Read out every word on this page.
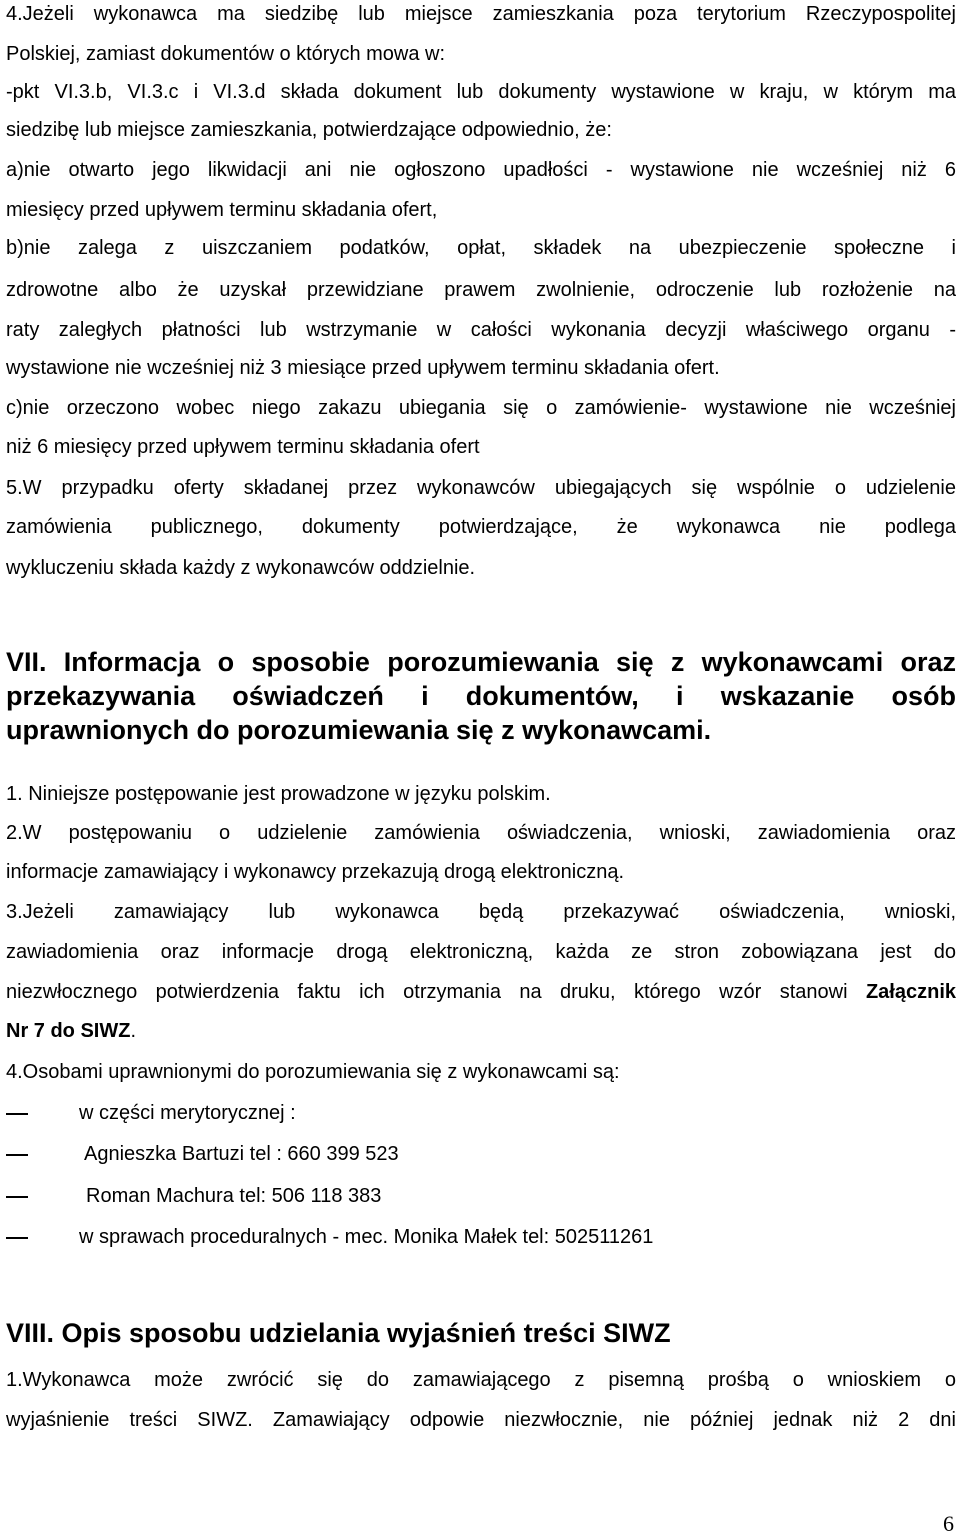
4.Jeżeli wykonawca ma siedzibę lub miejsce zamieszkania poza terytorium Rzeczypospolitej
Polskiej, zamiast dokumentów o których mowa w:
-pkt VI.3.b, VI.3.c i VI.3.d składa dokument lub dokumenty wystawione w kraju, w którym ma
siedzibę lub miejsce zamieszkania, potwierdzające odpowiednio, że:
a)nie otwarto jego likwidacji ani nie ogłoszono upadłości - wystawione nie wcześniej niż 6
miesięcy przed upływem terminu składania ofert,
b)nie zalega z uiszczaniem podatków, opłat, składek na ubezpieczenie społeczne i
zdrowotne albo że uzyskał przewidziane prawem zwolnienie, odroczenie lub rozłożenie na
raty zaległych płatności lub wstrzymanie w całości wykonania decyzji właściwego organu -
wystawione nie wcześniej niż 3 miesiące przed upływem terminu składania ofert.
c)nie orzeczono wobec niego zakazu ubiegania się o zamówienie- wystawione nie wcześniej
niż 6 miesięcy przed upływem terminu składania ofert
5.W przypadku oferty składanej przez wykonawców ubiegających się wspólnie o udzielenie
zamówienia publicznego, dokumenty potwierdzające, że wykonawca nie podlega
wykluczeniu składa każdy z wykonawców oddzielnie.
VII. Informacja o sposobie porozumiewania się z wykonawcami oraz
przekazywania oświadczeń i dokumentów, i wskazanie osób
uprawnionych do porozumiewania się z wykonawcami.
1. Niniejsze postępowanie jest prowadzone w języku polskim.
2.W postępowaniu o udzielenie zamówienia oświadczenia, wnioski, zawiadomienia oraz
informacje zamawiający i wykonawcy przekazują drogą elektroniczną.
3.Jeżeli zamawiający lub wykonawca będą przekazywać oświadczenia, wnioski,
zawiadomienia oraz informacje drogą elektroniczną, każda ze stron zobowiązana jest do
niezwłocznego potwierdzenia faktu ich otrzymania na druku, którego wzór stanowi Załącznik
Nr 7 do SIWZ.
4.Osobami uprawnionymi do porozumiewania się z wykonawcami są:
w części merytorycznej :
Agnieszka Bartuzi tel : 660 399 523
Roman Machura tel: 506 118 383
w sprawach proceduralnych - mec. Monika Małek tel: 502511261
VIII. Opis sposobu udzielania wyjaśnień treści SIWZ
1.Wykonawca może zwrócić się do zamawiającego z pisemną prośbą o wnioskiem o
wyjaśnienie treści SIWZ. Zamawiający odpowie niezwłocznie, nie później jednak niż 2 dni
6
